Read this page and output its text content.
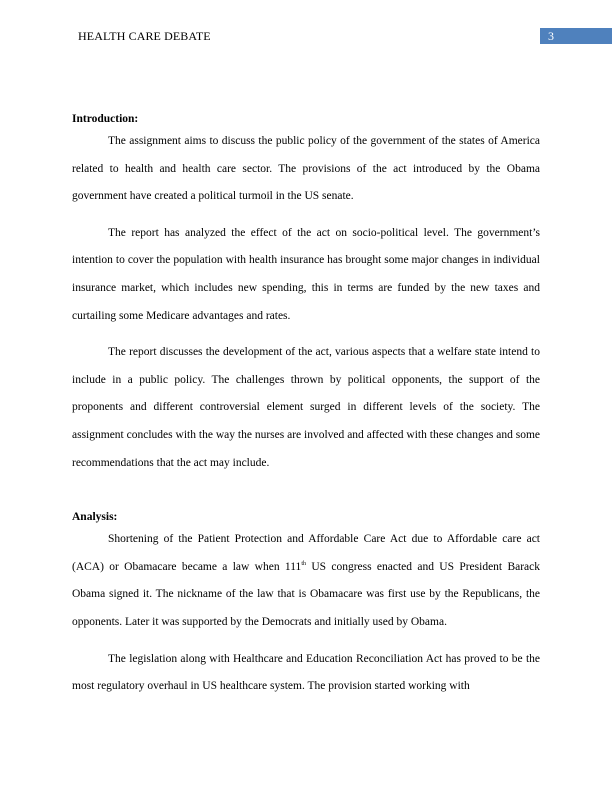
HEALTH CARE DEBATE	3

Introduction:

The assignment aims to discuss the public policy of the government of the states of America related to health and health care sector. The provisions of the act introduced by the Obama government have created a political turmoil in the US senate.

The report has analyzed the effect of the act on socio-political level. The government’s intention to cover the population with health insurance has brought some major changes in individual insurance market, which includes new spending, this in terms are funded by the new taxes and curtailing some Medicare advantages and rates.

The report discusses the development of the act, various aspects that a welfare state intend to include in a public policy. The challenges thrown by political opponents, the support of the proponents and different controversial element surged in different levels of the society. The assignment concludes with the way the nurses are involved and affected with these changes and some recommendations that the act may include.

Analysis:

Shortening of the Patient Protection and Affordable Care Act due to Affordable care act (ACA) or Obamacare became a law when 111th US congress enacted and US President Barack Obama signed it. The nickname of the law that is Obamacare was first use by the Republicans, the opponents. Later it was supported by the Democrats and initially used by Obama.

The legislation along with Healthcare and Education Reconciliation Act has proved to be the most regulatory overhaul in US healthcare system. The provision started working with
